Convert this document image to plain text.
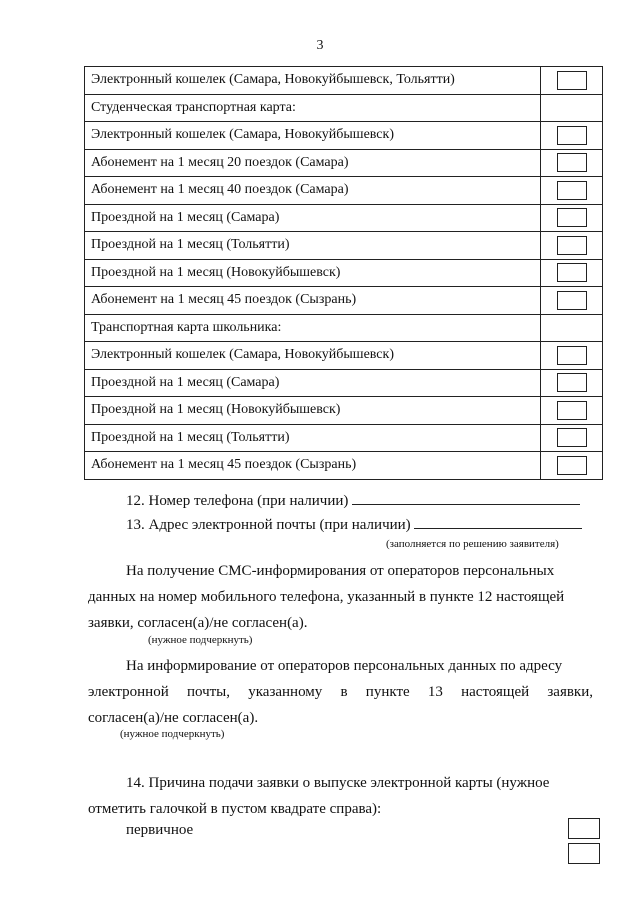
3
Электронный кошелек (Самара, Новокуйбышевск, Тольятти)	
Студенческая транспортная карта:	
Электронный кошелек (Самара, Новокуйбышевск)	
Абонемент на 1 месяц 20 поездок (Самара)	
Абонемент на 1 месяц 40 поездок (Самара)	
Проездной на 1 месяц (Самара)	
Проездной на 1 месяц (Тольятти)	
Проездной на 1 месяц (Новокуйбышевск)	
Абонемент на 1 месяц 45 поездок (Сызрань)	
Транспортная карта школьника:	
Электронный кошелек (Самара, Новокуйбышевск)	
Проездной на 1 месяц (Самара)	
Проездной на 1 месяц (Новокуйбышевск)	
Проездной на 1 месяц (Тольятти)	
Абонемент на 1 месяц 45 поездок (Сызрань)	
12. Номер телефона (при наличии)
13. Адрес электронной почты (при наличии)
(заполняется по решению заявителя)
На получение СМС-информирования от операторов персональных
данных на номер мобильного телефона, указанный в пункте 12 настоящей
заявки, согласен(а)/не согласен(а).
(нужное подчеркнуть)
На информирование от операторов персональных данных по адресу
электронной почты, указанному в пункте 13 настоящей заявки,
согласен(а)/не согласен(а).
(нужное подчеркнуть)
14. Причина подачи заявки о выпуске электронной карты (нужное
отметить галочкой в пустом квадрате справа):
первичное
